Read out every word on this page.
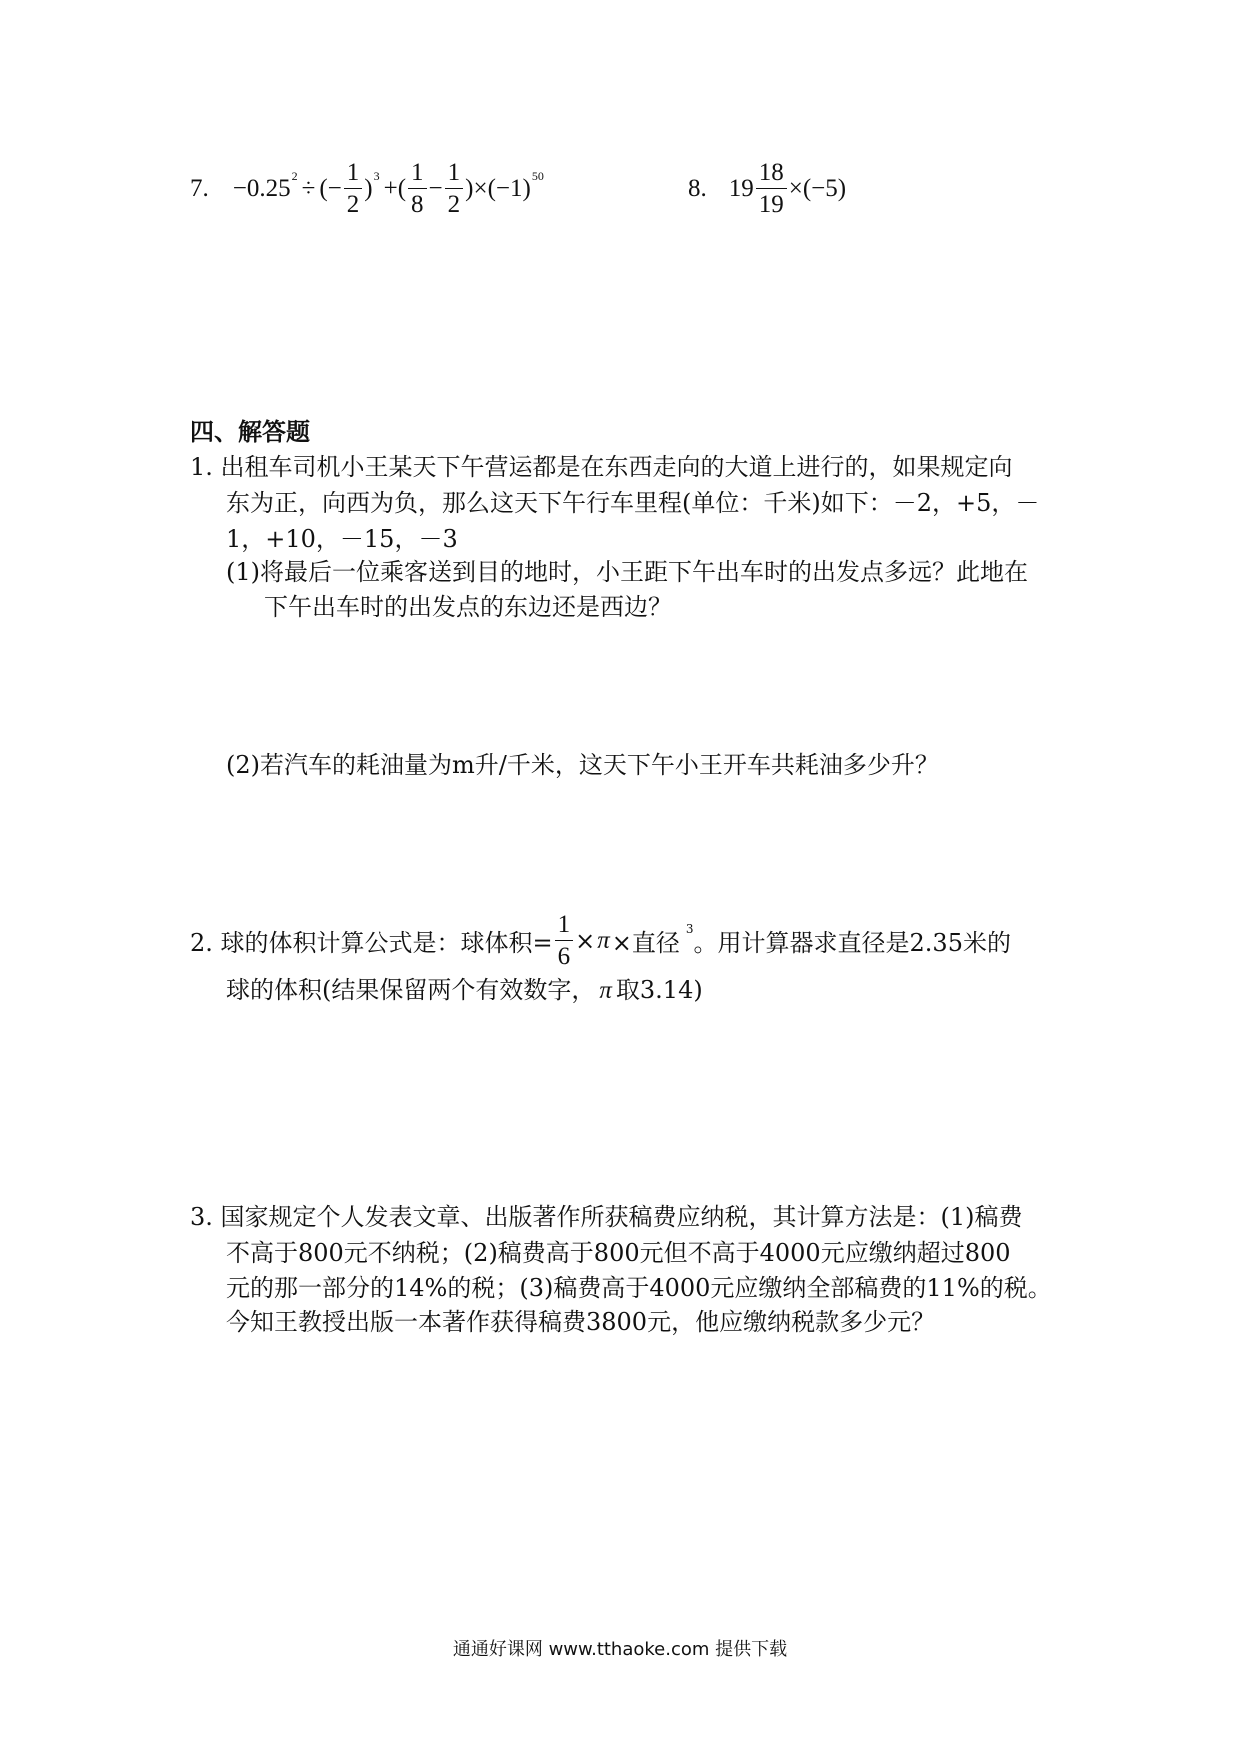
7. −0.25 2 ÷ (− $\frac{1}{2}$ ) 3 +( $\frac{1}{8} - \frac{1}{2} )\times(-1)$ 50	8. $19 \frac{18}{19} \times(-5)$
四、解答题
1. 出租车司机小王某天下午营运都是在东西走向的大道上进行的，如果规定向
东为正，向西为负，那么这天下午行车里程(单位：千米)如下：－2，+5，－
1，+10，－15，－3
(1)将最后一位乘客送到目的地时，小王距下午出车时的出发点多远？此地在
下午出车时的出发点的东边还是西边？
(2)若汽车的耗油量为m升/千米，这天下午小王开车共耗油多少升？
2. 球的体积计算公式是：球体积= $\frac{1}{6} \times \pi$ ×直径
3
。用计算器求直径是2.35米的
球的体积(结果保留两个有效数字， π 取3.14)
3. 国家规定个人发表文章、出版著作所获稿费应纳税，其计算方法是：(1)稿费
不高于800元不纳税；(2)稿费高于800元但不高于4000元应缴纳超过800
元的那一部分的14%的税；(3)稿费高于4000元应缴纳全部稿费的11%的税。
今知王教授出版一本著作获得稿费3800元，他应缴纳税款多少元？
通通好课网 www.tthaoke.com 提供下载
